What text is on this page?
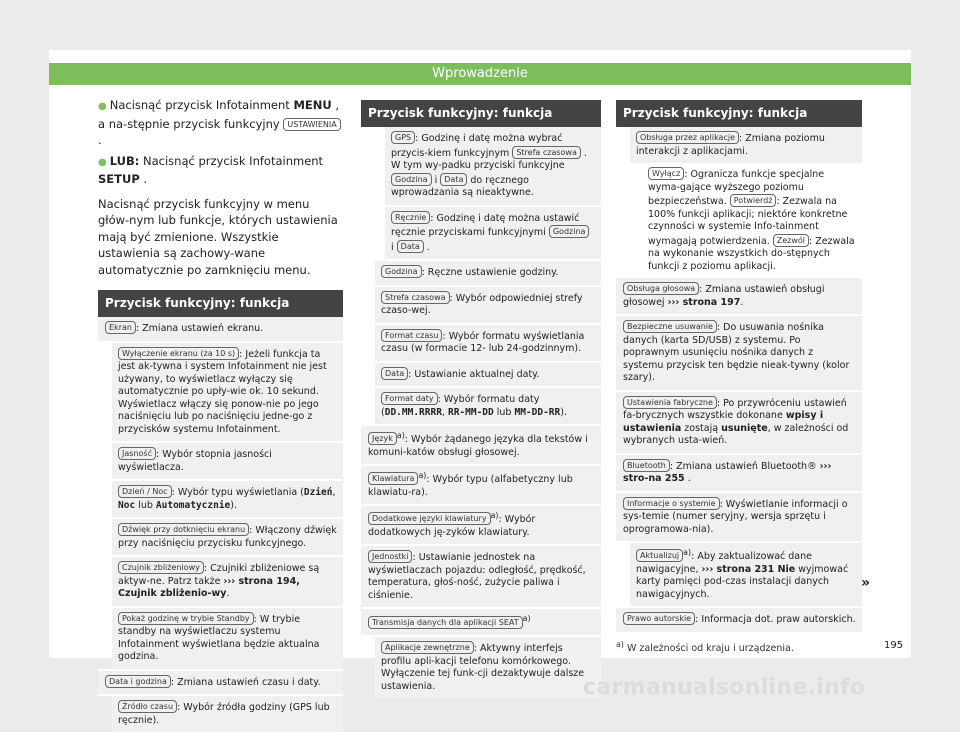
Wprowadzenie

● Nacisnąć przycisk Infotainment MENU , a na-stępnie przycisk funkcyjny USTAWIENIA .

● LUB: Nacisnąć przycisk Infotainment SETUP .

Nacisnąć przycisk funkcyjny w menu głów-nym lub funkcje, których ustawienia mają być zmienione. Wszystkie ustawienia są zachowy-wane automatycznie po zamknięciu menu.

Przycisk funkcyjny: funkcja
Ekran : Zmiana ustawień ekranu.
Wyłączenie ekranu (za 10 s) : Jeżeli funkcja ta jest ak-tywna i system Infotainment nie jest używany, to wyświetlacz wyłączy się automatycznie po upły-wie ok. 10 sekund. Wyświetlacz włączy się ponow-nie po jego naciśnięciu lub po naciśnięciu jedne-go z przycisków systemu Infotainment.
Jasność : Wybór stopnia jasności wyświetlacza.
Dzień / Noc : Wybór typu wyświetlania (Dzień, Noc lub Automatycznie).
Dźwięk przy dotknięciu ekranu : Włączony dźwięk przy naciśnięciu przycisku funkcyjnego.
Czujnik zbliżeniowy : Czujniki zbliżeniowe są aktyw-ne. Patrz także ››› strona 194, Czujnik zbliżenio-wy.
Pokaż godzinę w trybie Standby : W trybie standby na wyświetlaczu systemu Infotainment wyświetlana będzie aktualna godzina.
Data i godzina : Zmiana ustawień czasu i daty.
Źródło czasu : Wybór źródła godziny (GPS lub ręcznie).
Przycisk funkcyjny: funkcja
GPS : Godzinę i datę można wybrać przycis-kiem funkcyjnym Strefa czasowa . W tym wy-padku przyciski funkcyjne Godzina i Data do ręcznego wprowadzania są nieaktywne.
Ręcznie : Godzinę i datę można ustawić ręcznie przyciskami funkcyjnymi Godzina i Data .
Godzina : Ręczne ustawienie godziny.
Strefa czasowa : Wybór odpowiedniej strefy czaso-wej.
Format czasu : Wybór formatu wyświetlania czasu (w formacie 12- lub 24-godzinnym).
Data : Ustawianie aktualnej daty.
Format daty : Wybór formatu daty (DD.MM.RRRR, RR-MM-DD lub MM-DD-RR).
Język $^{a)}$: Wybór żądanego języka dla tekstów i komuni-katów obsługi głosowej.
Klawiatura $^{a)}$: Wybór typu (alfabetyczny lub klawiatu-ra).
Dodatkowe języki klawiatury $^{a)}$: Wybór dodatkowych ję-zyków klawiatury.
Jednostki : Ustawianie jednostek na wyświetlaczach pojazdu: odległość, prędkość, temperatura, głoś-ność, zużycie paliwa i ciśnienie.
Transmisja danych dla aplikacji SEAT $^{a)}$
Aplikacje zewnętrzne : Aktywny interfejs profilu apli-kacji telefonu komórkowego. Wyłączenie tej funk-cji dezaktywuje dalsze ustawienia.
Przycisk funkcyjny: funkcja
Obsługa przez aplikacje : Zmiana poziomu interakcji z aplikacjami.
Wyłącz : Ogranicza funkcje specjalne wyma-gające wyższego poziomu bezpieczeństwa. Potwierdź : Zezwala na 100% funkcji aplikacji; niektóre konkretne czynności w systemie Info-tainment wymagają potwierdzenia. Zezwól : Zezwala na wykonanie wszystkich do-stępnych funkcji z poziomu aplikacji.
Obsługa głosowa : Zmiana ustawień obsługi głosowej ››› strona 197.
Bezpieczne usuwanie : Do usuwania nośnika danych (karta SD/USB) z systemu. Po poprawnym usunięciu nośnika danych z systemu przycisk ten będzie nieak-tywny (kolor szary).
Ustawienia fabryczne : Po przywróceniu ustawień fa-brycznych wszystkie dokonane wpisy i ustawienia zostają usunięte, w zależności od wybranych usta-wień.
Bluetooth : Zmiana ustawień Bluetooth® ››› stro-na 255 .
Informacje o systemie : Wyświetlanie informacji o sys-temie (numer seryjny, wersja sprzętu i oprogramowa-nia).
Aktualizuj $^{a)}$: Aby zaktualizować dane nawigacyjne, ››› strona 231 Nie wyjmować karty pamięci pod-czas instalacji danych nawigacyjnych.
Prawo autorskie : Informacja dot. praw autorskich.
$^{a)}$ W zależności od kraju i urządzenia.
»
195
carmanualsonline.info
